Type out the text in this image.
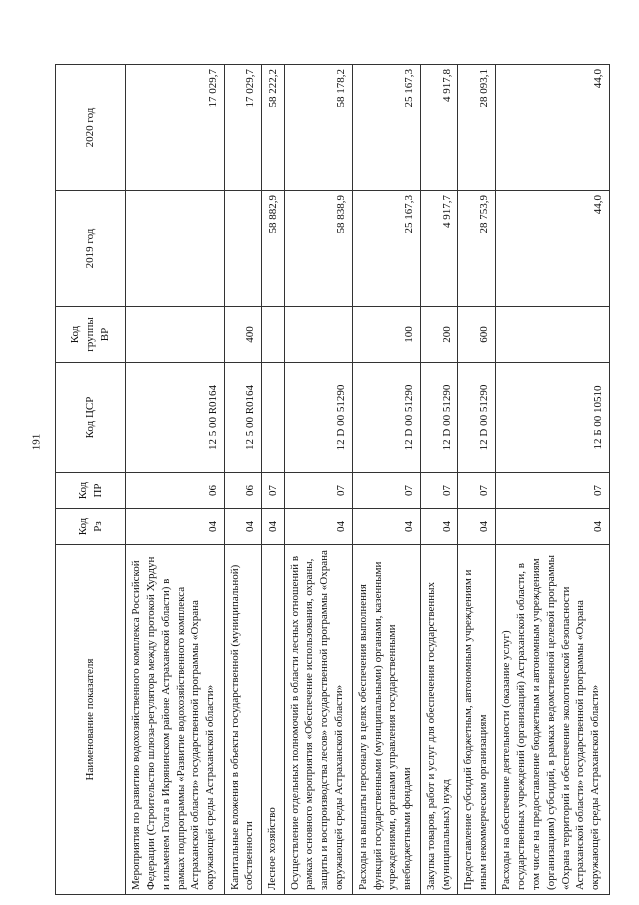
191
Наименование показателя	Код Рз	Код ПР	Код ЦСР	Код группы ВР	2019 год	2020 год
Мероприятия по развитию водохозяйственного комплекса Российской Федерации (Строительство шлюза-регулятора между протокой Хурдун и ильменем Голга в Икрянинском районе Астраханской области) в рамках подпрограммы «Развитие водохозяйственного комплекса Астраханской области» государственной программы «Охрана окружающей среды Астраханской области»	04	06	12 5 00 R0164			17 029,7
Капитальные вложения в объекты государственной (муниципальной) собственности	04	06	12 5 00 R0164	400		17 029,7
Лесное хозяйство	04	07			58 882,9	58 222,2
Осуществление отдельных полномочий в области лесных отношений в рамках основного мероприятия «Обеспечение использования, охраны, защиты и воспроизводства лесов» государственной программы «Охрана окружающей среды Астраханской области»	04	07	12 D 00 51290		58 838,9	58 178,2
Расходы на выплаты персоналу в целях обеспечения выполнения функций государственными (муниципальными) органами, казенными учреждениями, органами управления государственными внебюджетными фондами	04	07	12 D 00 51290	100	25 167,3	25 167,3
Закупка товаров, работ и услуг для обеспечения государственных (муниципальных) нужд	04	07	12 D 00 51290	200	4 917,7	4 917,8
Предоставление субсидий бюджетным, автономным учреждениям и иным некоммерческим организациям	04	07	12 D 00 51290	600	28 753,9	28 093,1
Расходы на обеспечение деятельности (оказание услуг) государственных учреждений (организаций) Астраханской области, в том числе на предоставление бюджетным и автономным учреждениям (организациям) субсидий, в рамках ведомственной целевой программы «Охрана территорий и обеспечение экологической безопасности Астраханской области» государственной программы «Охрана окружающей среды Астраханской области»	04	07	12 Б 00 10510		44,0	44,0
